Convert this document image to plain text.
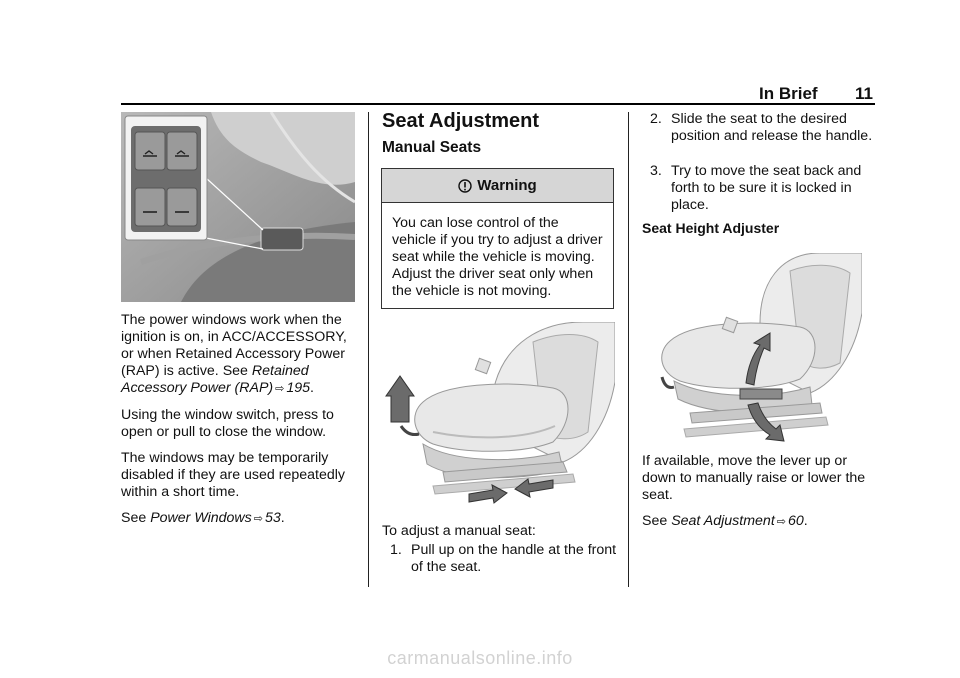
In Brief 11

The power windows work when the ignition is on, in ACC/ACCESSORY, or when Retained Accessory Power (RAP) is active. See Retained Accessory Power (RAP) ⇨ 195.

Using the window switch, press to open or pull to close the window.

The windows may be temporarily disabled if they are used repeatedly within a short time.

See Power Windows ⇨ 53.

Seat Adjustment
Manual Seats
Warning
You can lose control of the vehicle if you try to adjust a driver seat while the vehicle is moving. Adjust the driver seat only when the vehicle is not moving.
To adjust a manual seat:
1. Pull up on the handle at the front of the seat.
2. Slide the seat to the desired position and release the handle.
3. Try to move the seat back and forth to be sure it is locked in place.
Seat Height Adjuster

If available, move the lever up or down to manually raise or lower the seat.

See Seat Adjustment ⇨ 60.

carmanualsonline.info
